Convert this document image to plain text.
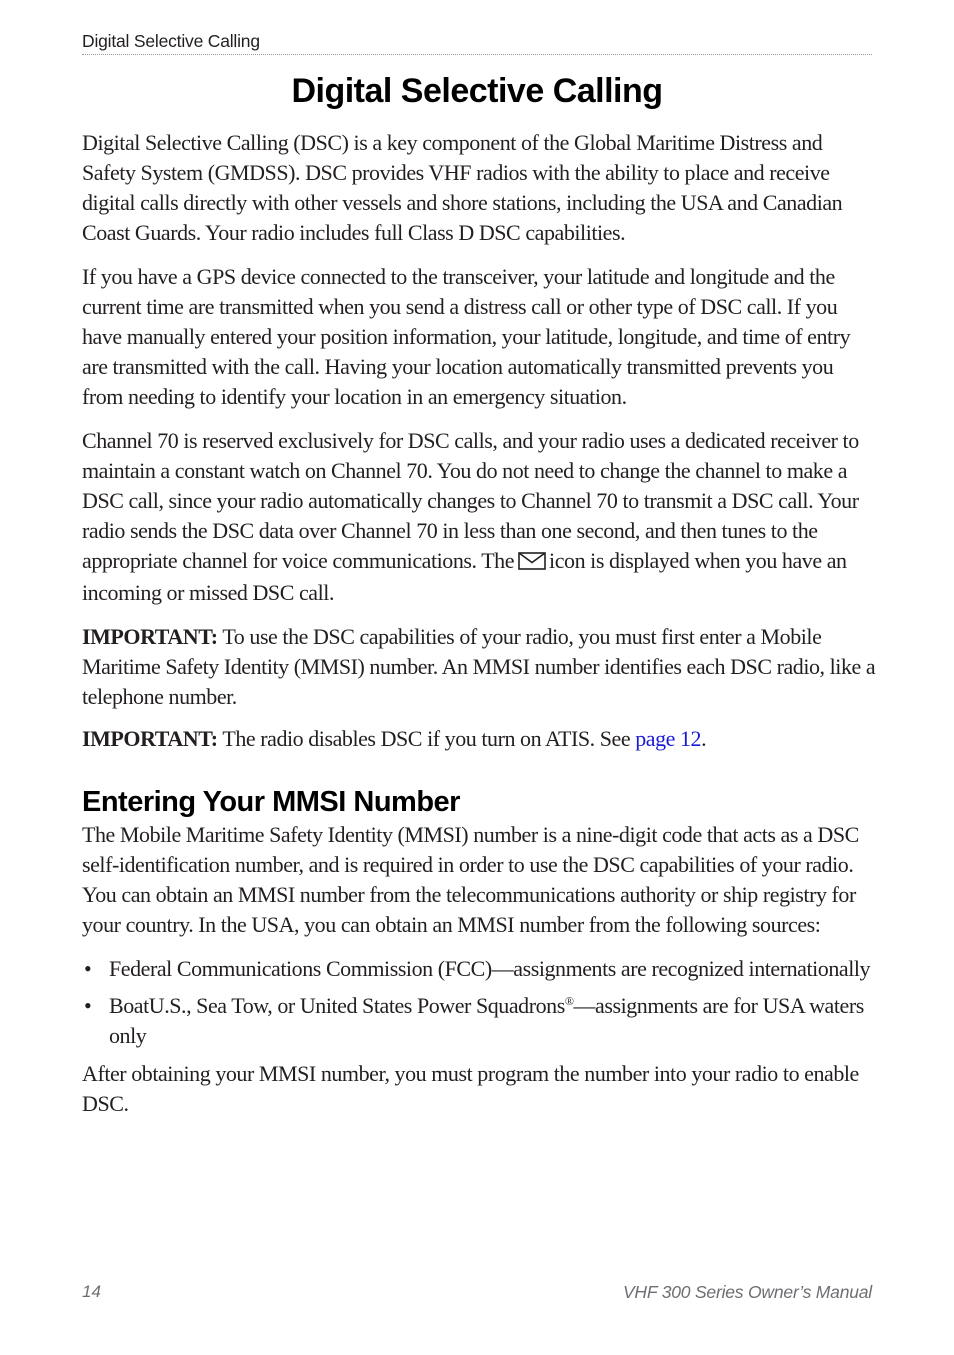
Digital Selective Calling
Digital Selective Calling

Digital Selective Calling (DSC) is a key component of the Global Maritime Distress and Safety System (GMDSS). DSC provides VHF radios with the ability to place and receive digital calls directly with other vessels and shore stations, including the USA and Canadian Coast Guards. Your radio includes full Class D DSC capabilities.

If you have a GPS device connected to the transceiver, your latitude and longitude and the current time are transmitted when you send a distress call or other type of DSC call. If you have manually entered your position information, your latitude, longitude, and time of entry are transmitted with the call. Having your location automatically transmitted prevents you from needing to identify your location in an emergency situation.

Channel 70 is reserved exclusively for DSC calls, and your radio uses a dedicated receiver to maintain a constant watch on Channel 70. You do not need to change the channel to make a DSC call, since your radio automatically changes to Channel 70 to transmit a DSC call. Your radio sends the DSC data over Channel 70 in less than one second, and then tunes to the appropriate channel for voice communications. The icon is displayed when you have an incoming or missed DSC call.

IMPORTANT: To use the DSC capabilities of your radio, you must first enter a Mobile Maritime Safety Identity (MMSI) number. An MMSI number identifies each DSC radio, like a telephone number.

IMPORTANT: The radio disables DSC if you turn on ATIS. See page 12.

Entering Your MMSI Number

The Mobile Maritime Safety Identity (MMSI) number is a nine-digit code that acts as a DSC self-identification number, and is required in order to use the DSC capabilities of your radio. You can obtain an MMSI number from the telecommunications authority or ship registry for your country. In the USA, you can obtain an MMSI number from the following sources:

• Federal Communications Commission (FCC)—assignments are recognized internationally
• BoatU.S., Sea Tow, or United States Power Squadrons®—assignments are for USA waters only

After obtaining your MMSI number, you must program the number into your radio to enable DSC.

14	VHF 300 Series Owner’s Manual
